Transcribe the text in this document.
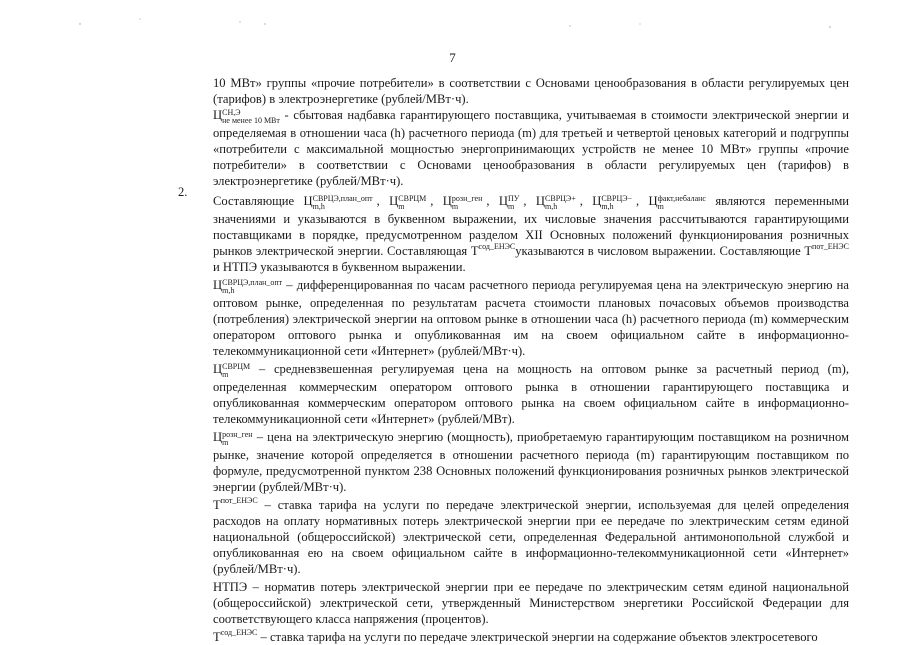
7
2.

10 МВт» группы «прочие потребители» в соответствии с Основами ценообразования в области регулируемых цен (тарифов) в электроэнергетике (рублей/МВт·ч).

ЦСН,Э
не менее 10 МВт - сбытовая надбавка гарантирующего поставщика, учитываемая в стоимости электрической энергии и определяемая в отношении часа (h) расчетного периода (m) для третьей и четвертой ценовых категорий и подгруппы «потребители с максимальной мощностью энергопринимающих устройств не менее 10 МВт» группы «прочие потребители» в соответствии с Основами ценообразования в области регулируемых цен (тарифов) в электроэнергетике (рублей/МВт·ч).

Составляющие ЦСВРЦЭ,план_опт
m,h	, ЦСВРЦМ
m , Црозн_ген
m , ЦПУ
m , ЦСВРЦЭ+
m,h , ЦСВРЦЭ−
m,h , Цфакт,небаланс
m	являются переменными значениями и указываются в буквенном выражении, их числовые значения рассчитываются гарантирующими поставщиками в порядке, предусмотренном разделом XII Основных положений функционирования розничных рынков электрической энергии. Составляющая $Т^{сод\_ЕНЭС}указываются$ в числовом выражении. Составляющие $Т^{пот\_ЕНЭС}$ и НТПЭ указываются в буквенном выражении.

ЦСВРЦЭ,план_опт
m,h	– дифференцированная по часам расчетного периода регулируемая цена на электрическую энергию на оптовом рынке, определенная по результатам расчета стоимости плановых почасовых объемов производства (потребления) электрической энергии на оптовом рынке в отношении часа (h) расчетного периода (m) коммерческим оператором оптового рынка и опубликованная им на своем официальном сайте в информационно-телекоммуникационной сети «Интернет» (рублей/МВт·ч).

ЦСВРЦМ
m – средневзвешенная регулируемая цена на мощность на оптовом рынке за расчетный период (m), определенная коммерческим оператором оптового рынка в отношении гарантирующего поставщика и опубликованная коммерческим оператором оптового рынка на своем официальном сайте в информационно-телекоммуникационной сети «Интернет» (рублей/МВт).

Црозн_ген
m – цена на электрическую энергию (мощность), приобретаемую гарантирующим поставщиком на розничном рынке, значение которой определяется в отношении расчетного периода (m) гарантирующим поставщиком по формуле, предусмотренной пунктом 238 Основных положений функционирования розничных рынков электрической энергии (рублей/МВт·ч).

$Т^{пот\_ЕНЭС}$ – ставка тарифа на услуги по передаче электрической энергии, используемая для целей определения расходов на оплату нормативных потерь электрической энергии при ее передаче по электрическим сетям единой национальной (общероссийской) электрической сети, определенная Федеральной антимонопольной службой и опубликованная ею на своем официальном сайте в информационно-телекоммуникационной сети «Интернет» (рублей/МВт·ч).

НТПЭ – норматив потерь электрической энергии при ее передаче по электрическим сетям единой национальной (общероссийской) электрической сети, утвержденный Министерством энергетики Российской Федерации для соответствующего класса напряжения (процентов).

$Т^{сод\_ЕНЭС}$ – ставка тарифа на услуги по передаче электрической энергии на содержание объектов электросетевого
